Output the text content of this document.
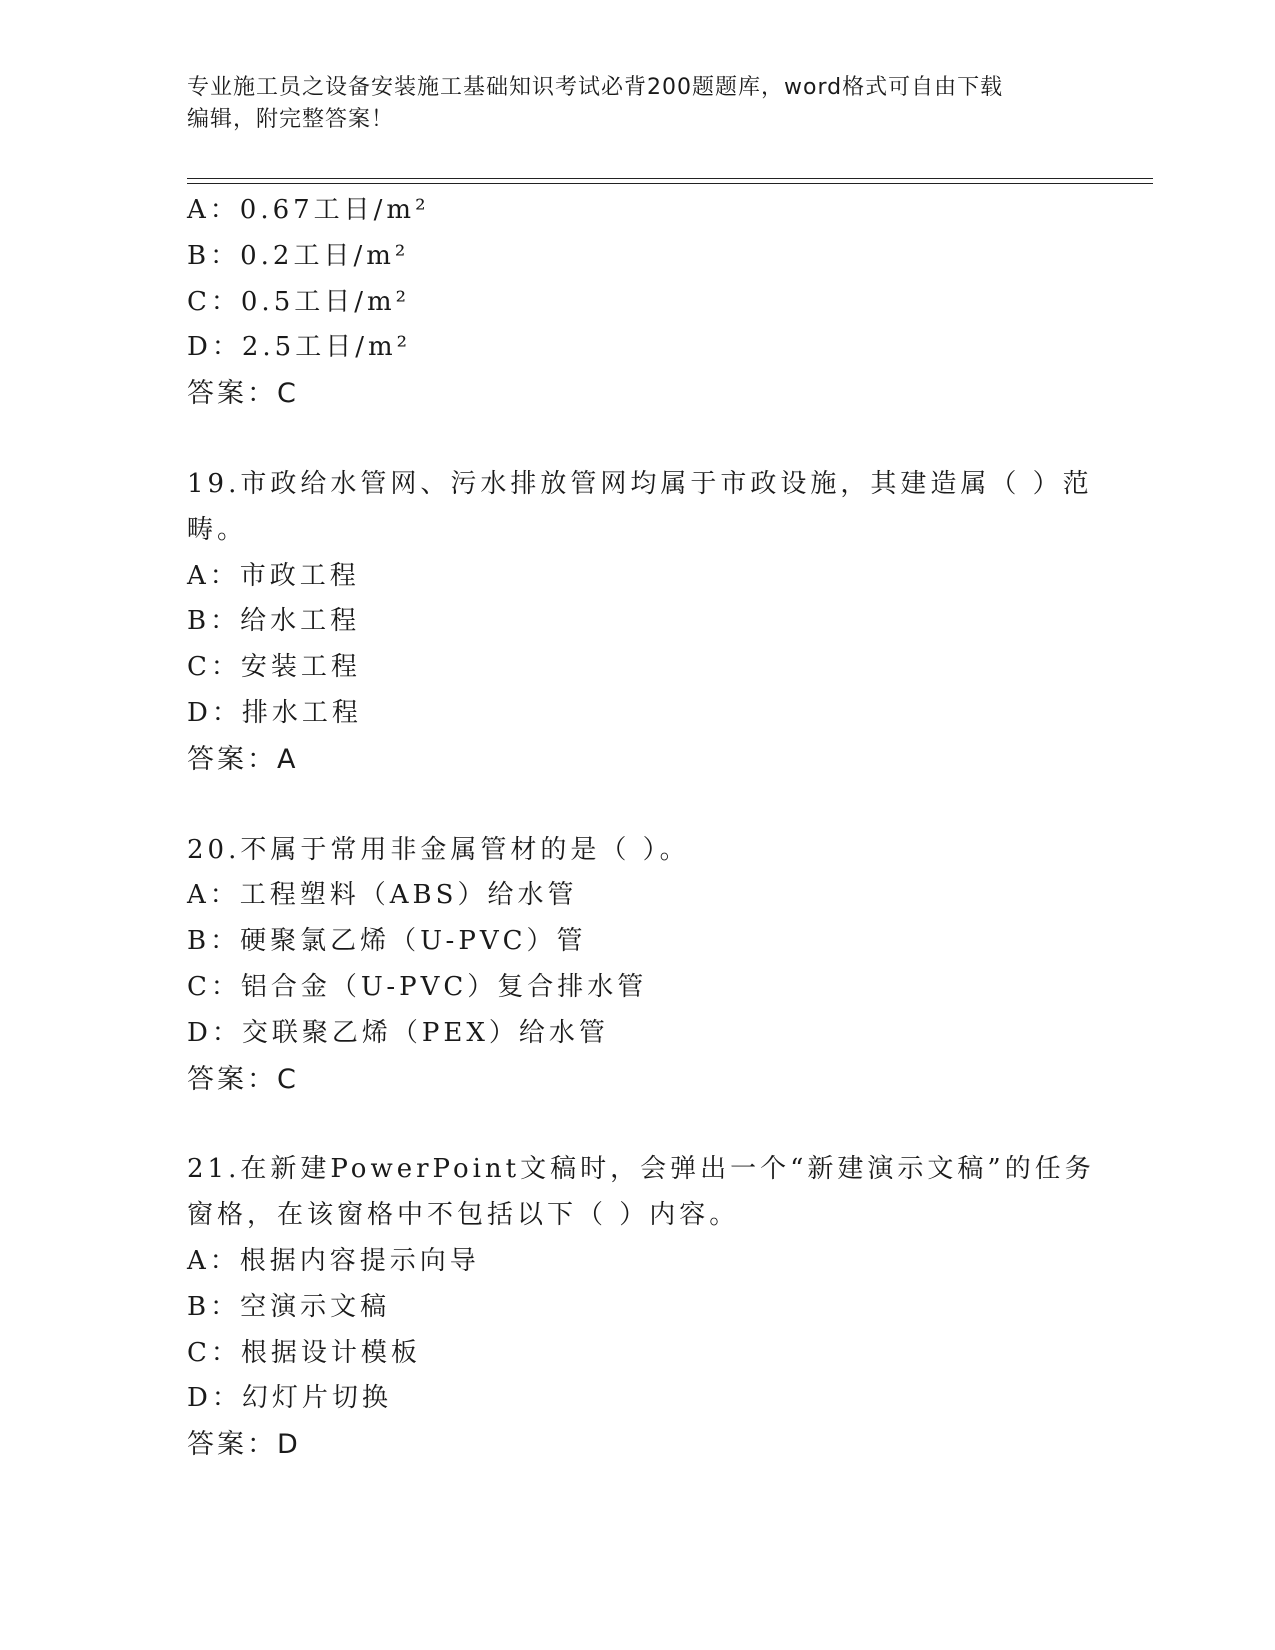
专业施工员之设备安装施工基础知识考试必背200题题库，word格式可自由下载
编辑，附完整答案！
A：0.67工日/m²
B：0.2工日/m²
C：0.5工日/m²
D：2.5工日/m²
答案：C
19.市政给水管网、污水排放管网均属于市政设施，其建造属（ ）范
畴。
A：市政工程
B：给水工程
C：安装工程
D：排水工程
答案：A
20.不属于常用非金属管材的是（ ）。
A：工程塑料（ABS）给水管
B：硬聚氯乙烯（U-PVC）管
C：铝合金（U-PVC）复合排水管
D：交联聚乙烯（PEX）给水管
答案：C
21.在新建PowerPoint文稿时，会弹出一个“新建演示文稿”的任务
窗格，在该窗格中不包括以下（ ）内容。
A：根据内容提示向导
B：空演示文稿
C：根据设计模板
D：幻灯片切换
答案：D
